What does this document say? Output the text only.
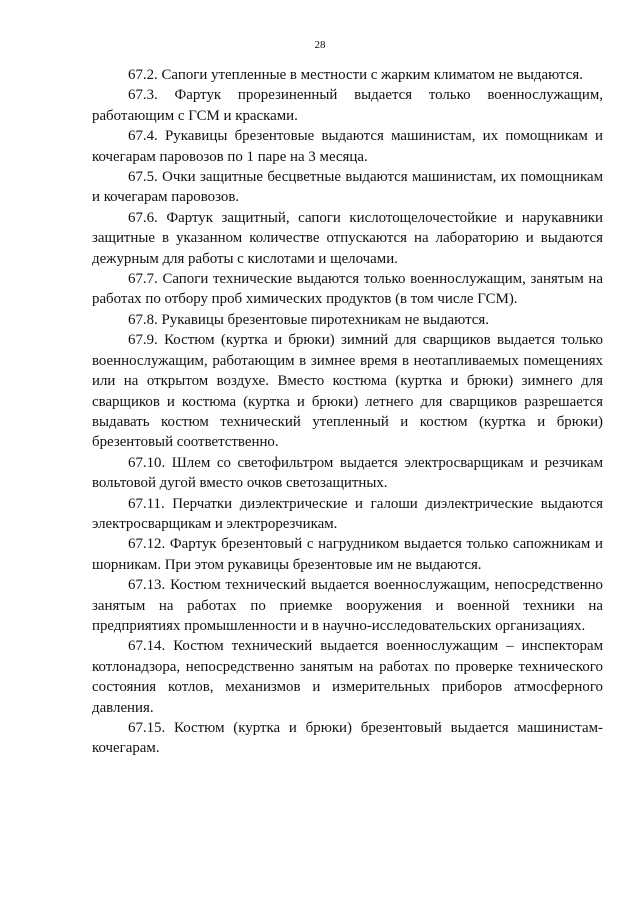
28

67.2. Сапоги утепленные в местности с жарким климатом не выдаются.

67.3. Фартук прорезиненный выдается только военнослужащим, работающим с ГСМ и красками.

67.4. Рукавицы брезентовые выдаются машинистам, их помощникам и кочегарам паровозов по 1 паре на 3 месяца.

67.5. Очки защитные бесцветные выдаются машинистам, их помощникам и кочегарам паровозов.

67.6. Фартук защитный, сапоги кислотощелочестойкие и нарукавники защитные в указанном количестве отпускаются на лабораторию и выдаются дежурным для работы с кислотами и щелочами.

67.7. Сапоги технические выдаются только военнослужащим, занятым на работах по отбору проб химических продуктов (в том числе ГСМ).

67.8. Рукавицы брезентовые пиротехникам не выдаются.

67.9. Костюм (куртка и брюки) зимний для сварщиков выдается только военнослужащим, работающим в зимнее время в неотапливаемых помещениях или на открытом воздухе. Вместо костюма (куртка и брюки) зимнего для сварщиков и костюма (куртка и брюки) летнего для сварщиков разрешается выдавать костюм технический утепленный и костюм (куртка и брюки) брезентовый соответственно.

67.10. Шлем со светофильтром выдается электросварщикам и резчикам вольтовой дугой вместо очков светозащитных.

67.11. Перчатки диэлектрические и галоши диэлектрические выдаются электросварщикам и электрорезчикам.

67.12. Фартук брезентовый с нагрудником выдается только сапожникам и шорникам. При этом рукавицы брезентовые им не выдаются.

67.13. Костюм технический выдается военнослужащим, непосредственно занятым на работах по приемке вооружения и военной техники на предприятиях промышленности и в научно-исследовательских организациях.

67.14. Костюм технический выдается военнослужащим – инспекторам котлонадзора, непосредственно занятым на работах по проверке технического состояния котлов, механизмов и измерительных приборов атмосферного давления.

67.15. Костюм (куртка и брюки) брезентовый выдается машинистам-кочегарам.
